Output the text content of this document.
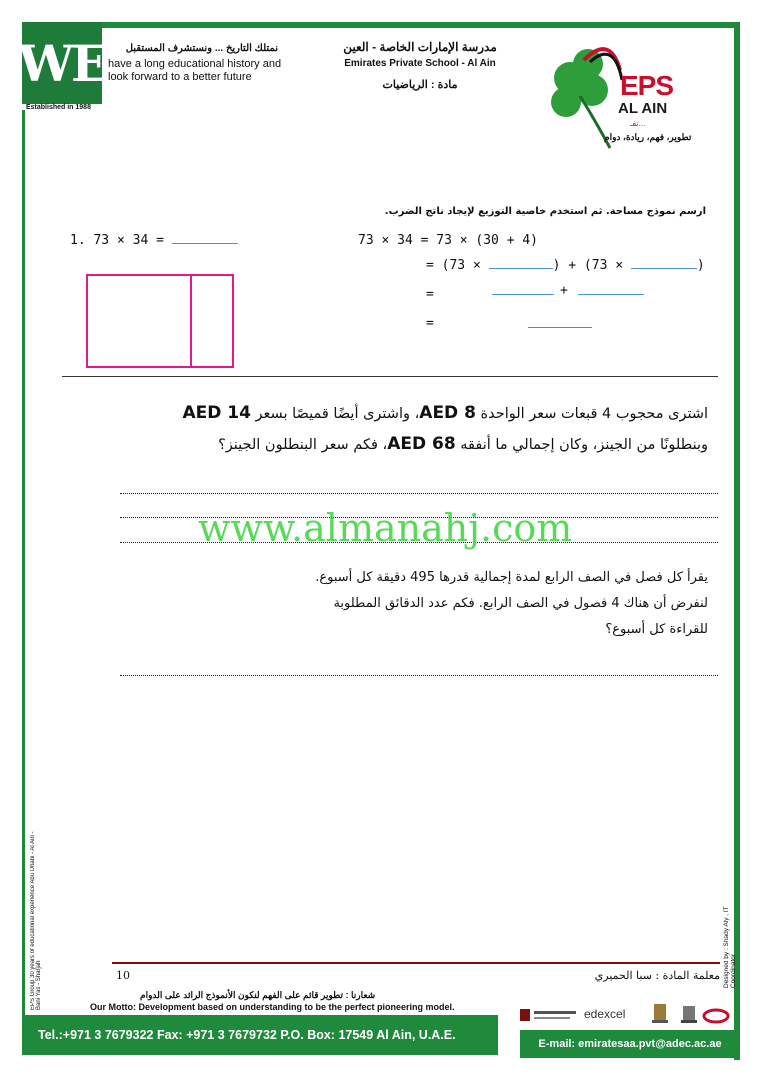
WE
Established in 1988
نمتلك التاريخ ... ونستشرف المستقبل
have a long educational history and
look forward to a better future
مدرسة الإمارات الخاصة - العين
Emirates Private School - Al Ain
مادة : الرياضيات	EPS
AL AIN
تفـ...
تطوير، فهم، ريادة، دوام
ارسم نموذج مساحة. ثم استخدم خاصية التوزيع لإيجاد ناتج الضرب.
1. 73 × 34 =	73 × 34 = 73 × (30 + 4)
= (73 ×	) + (73 ×	)
=	+
=
اشترى محجوب 4 قبعات سعر الواحدة AED 8، واشترى أيضًا قميصًا بسعر AED 14
وبنطلونًا من الجينز، وكان إجمالي ما أنفقه AED 68، فكم سعر البنطلون الجينز؟
www.almanahj.com
يقرأ كل فصل في الصف الرابع لمدة إجمالية قدرها 495 دقيقة كل أسبوع.
لنفرض أن هناك 4 فصول في الصف الرابع. فكم عدد الدقائق المطلوبة
للقراءة كل أسبوع؟
EPS Group 30 years of educational experience Abu Dhabi - Al Ain - Bani Yas - Sharjah	Designed by : Shady Aly , IT Coordinator
10	معلمة المادة : سبا الحميري
شعارنا : تطوير قائم على الفهم لنكون الأنموذج الرائد على الدوام
Our Motto: Development based on understanding to be the perfect pioneering model.	edexcel
Tel.:+971 3 7679322 Fax: +971 3 7679732 P.O. Box: 17549 Al Ain, U.A.E.
E-mail: emiratesaa.pvt@adec.ac.ae
